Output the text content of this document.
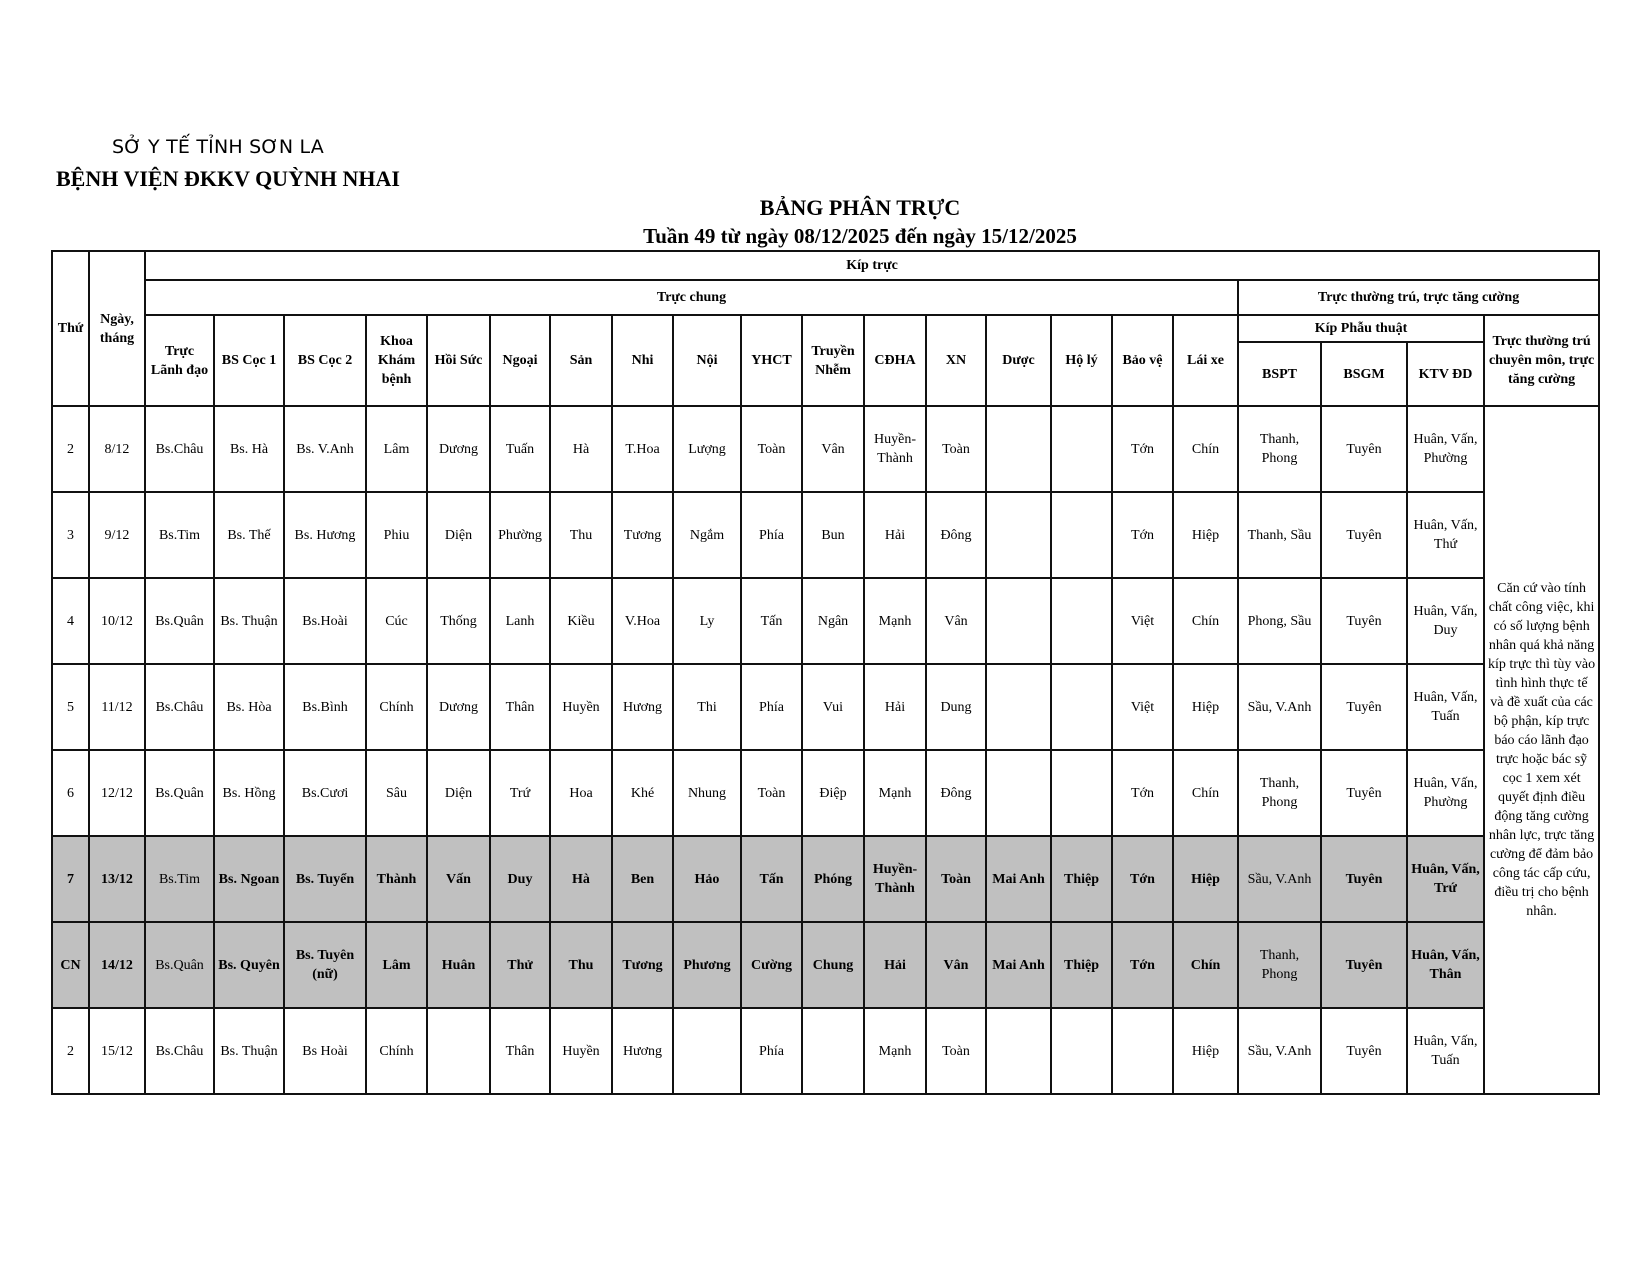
SỞ Y TẾ TỈNH SƠN LA
BỆNH VIỆN ĐKKV QUỲNH NHAI
BẢNG PHÂN TRỰC
Tuần 49 từ ngày 08/12/2025 đến ngày 15/12/2025
Thứ	Ngày, tháng	Kíp trực																				
		Trực chung																	Trực thường trú, trực tăng cường			
		Trực Lãnh đạo	BS Cọc 1	BS Cọc 2	Khoa Khám bệnh	Hồi Sức	Ngoại	Sản	Nhi	Nội	YHCT	Truyền Nhễm	CĐHA	XN	Dược	Hộ lý	Bảo vệ	Lái xe	Kíp Phẫu thuật			Trực thường trú chuyên môn, trực tăng cường
																			BSPT	BSGM	KTV ĐD	
2	8/12	Bs.Châu	Bs. Hà	Bs. V.Anh	Lâm	Dương	Tuấn	Hà	T.Hoa	Lượng	Toàn	Vân	Huyền- Thành	Toàn			Tớn	Chín	Thanh, Phong	Tuyên	Huân, Vấn, Phường	Căn cứ vào tính chất công việc, khi có số lượng bệnh nhân quá khả năng kíp trực thì tùy vào tình hình thực tế và đề xuất của các bộ phận, kíp trực báo cáo lãnh đạo trực hoặc bác sỹ cọc 1 xem xét quyết định điều động tăng cường nhân lực, trực tăng cường để đảm bảo công tác cấp cứu, điều trị cho bệnh nhân.
3	9/12	Bs.Tim	Bs. Thế	Bs. Hương	Phiu	Diện	Phường	Thu	Tương	Ngắm	Phía	Bun	Hải	Đông			Tớn	Hiệp	Thanh, Sầu	Tuyên	Huân, Vấn, Thứ	
4	10/12	Bs.Quân	Bs. Thuận	Bs.Hoài	Cúc	Thống	Lanh	Kiều	V.Hoa	Ly	Tấn	Ngân	Mạnh	Vân			Việt	Chín	Phong, Sầu	Tuyên	Huân, Vấn, Duy	
5	11/12	Bs.Châu	Bs. Hòa	Bs.Bình	Chính	Dương	Thân	Huyền	Hương	Thi	Phía	Vui	Hải	Dung			Việt	Hiệp	Sầu, V.Anh	Tuyên	Huân, Vấn, Tuấn	
6	12/12	Bs.Quân	Bs. Hồng	Bs.Cươi	Sâu	Diện	Trứ	Hoa	Khé	Nhung	Toàn	Điệp	Mạnh	Đông			Tớn	Chín	Thanh, Phong	Tuyên	Huân, Vấn, Phường	
7	13/12	Bs.Tim	Bs. Ngoan	Bs. Tuyển	Thành	Vấn	Duy	Hà	Ben	Hảo	Tấn	Phóng	Huyền- Thành	Toàn	Mai Anh	Thiệp	Tớn	Hiệp	Sầu, V.Anh	Tuyên	Huân, Vấn, Trứ	
CN	14/12	Bs.Quân	Bs. Quyên	Bs. Tuyên (nữ)	Lâm	Huân	Thử	Thu	Tương	Phương	Cường	Chung	Hải	Vân	Mai Anh	Thiệp	Tớn	Chín	Thanh, Phong	Tuyên	Huân, Vấn, Thân	
2	15/12	Bs.Châu	Bs. Thuận	Bs Hoài	Chính		Thân	Huyền	Hương		Phía		Mạnh	Toàn				Hiệp	Sầu, V.Anh	Tuyên	Huân, Vấn, Tuấn	
